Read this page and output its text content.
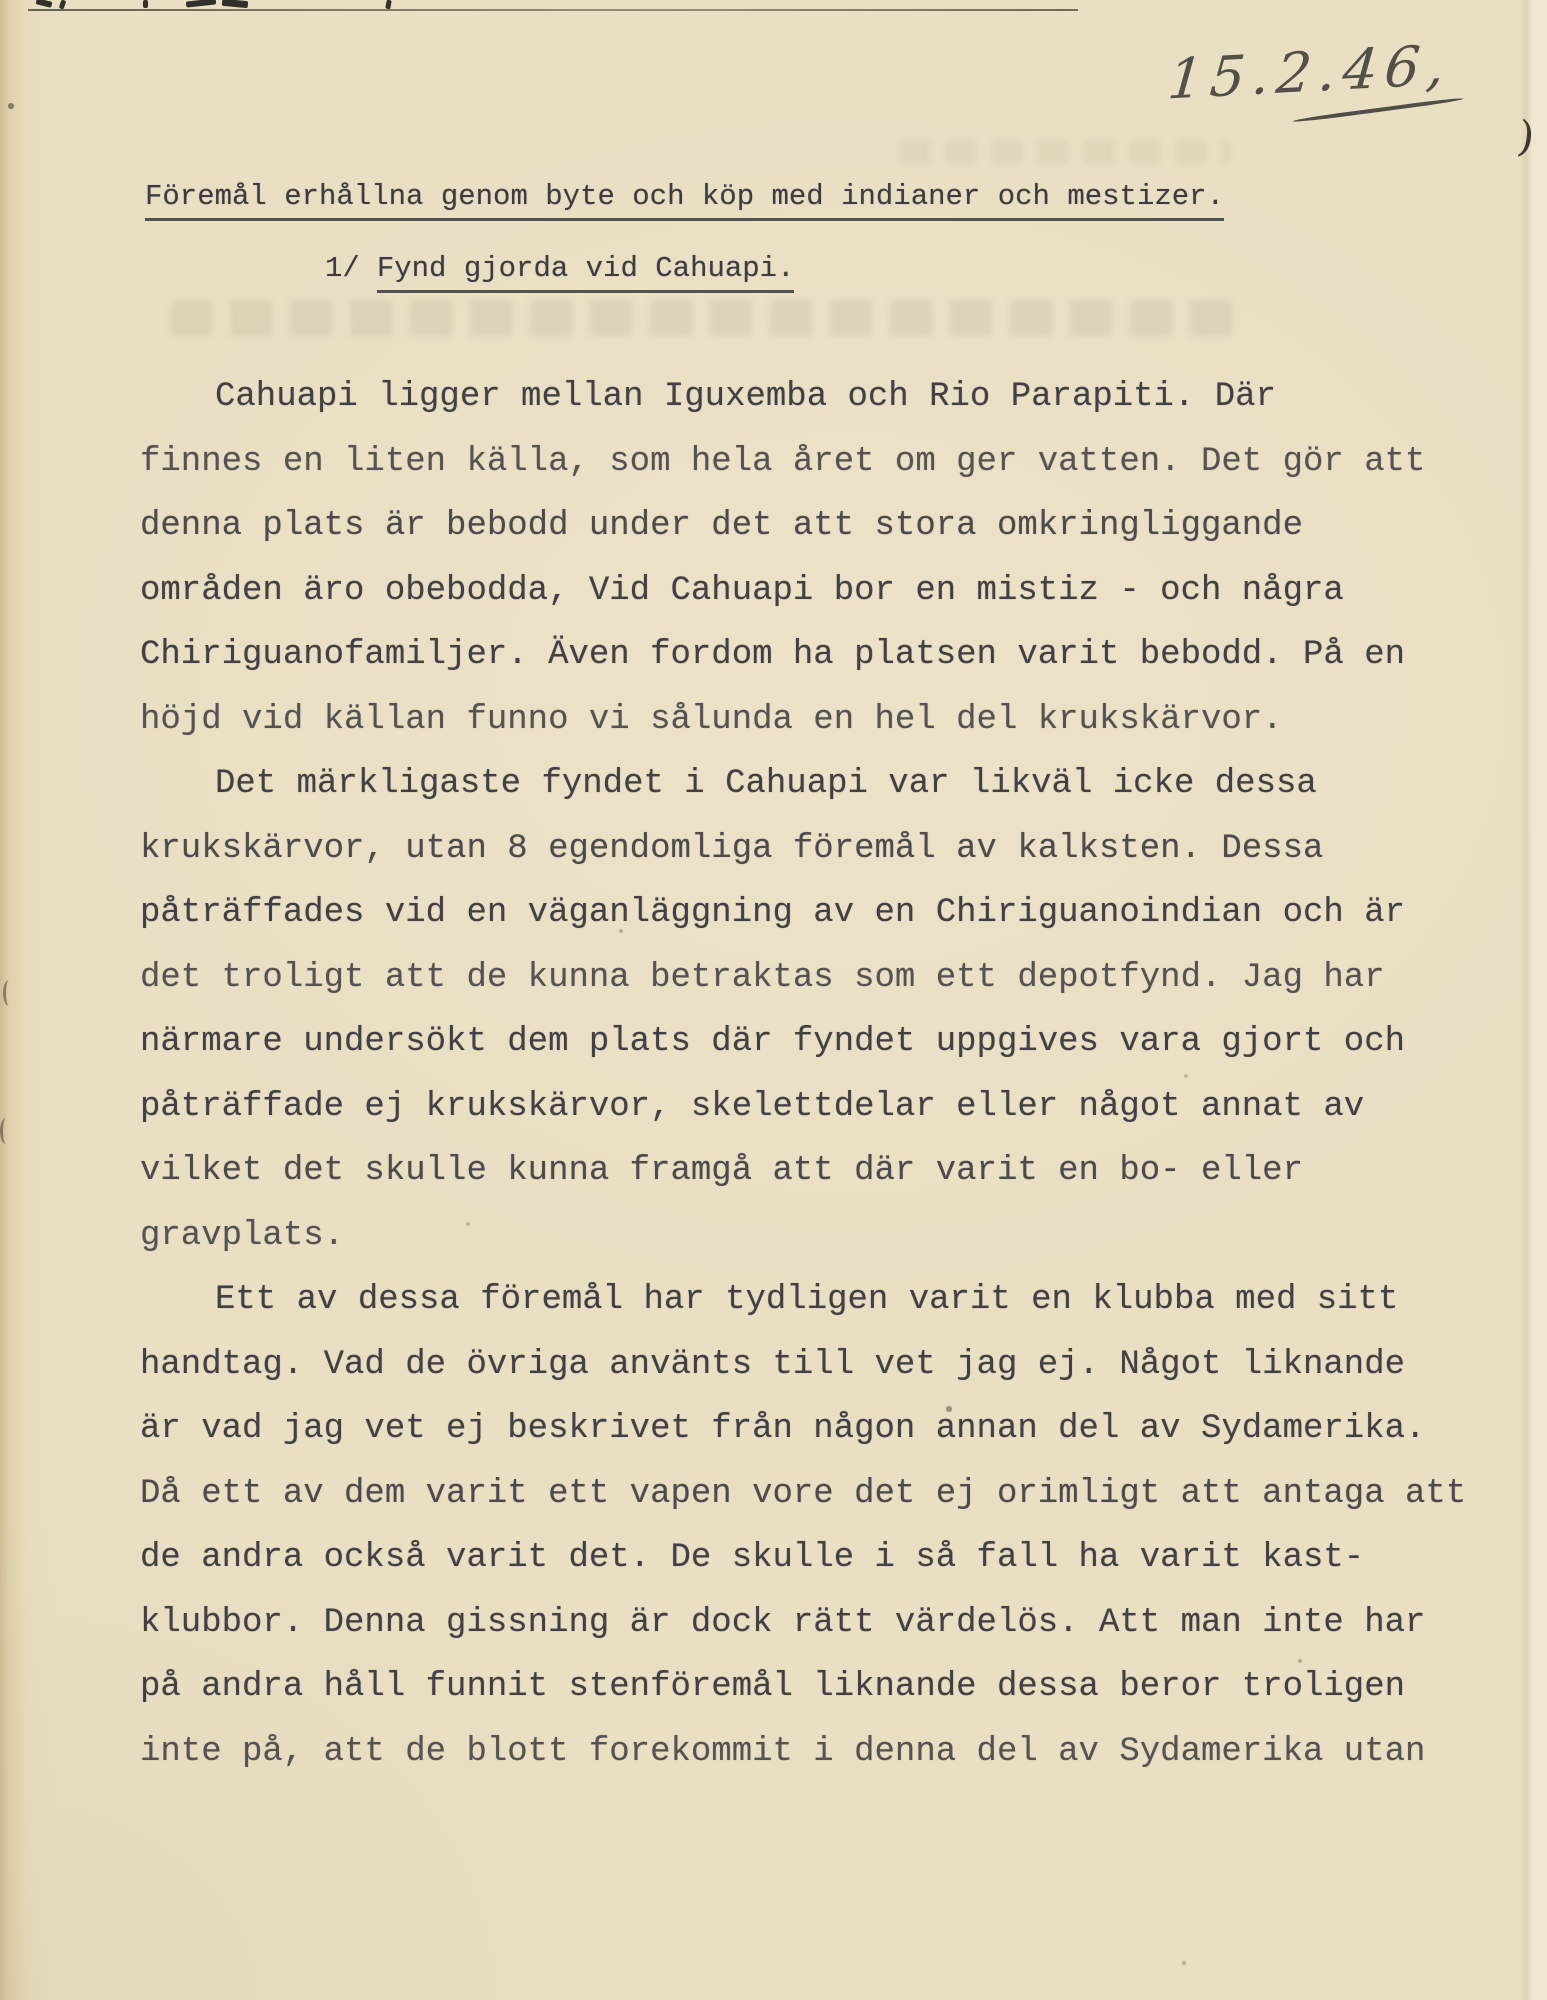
15.2.46,
)
Föremål erhållna genom byte och köp med indianer och mestizer.
1/ Fynd gjorda vid Cahuapi.
Cahuapi ligger mellan Iguxemba och Rio Parapiti. Där
finnes en liten källa, som hela året om ger vatten. Det gör att
denna plats är bebodd under det att stora omkringliggande
områden äro obebodda, Vid Cahuapi bor en mistiz - och några
Chiriguanofamiljer. Även fordom ha platsen varit bebodd. På en
höjd vid källan funno vi sålunda en hel del krukskärvor.
Det märkligaste fyndet i Cahuapi var likväl icke dessa
krukskärvor, utan 8 egendomliga föremål av kalksten. Dessa
påträffades vid en väganläggning av en Chiriguanoindian och är
det troligt att de kunna betraktas som ett depotfynd. Jag har
närmare undersökt dem plats där fyndet uppgives vara gjort och
påträffade ej krukskärvor, skelettdelar eller något annat av
vilket det skulle kunna framgå att där varit en bo- eller
gravplats.
Ett av dessa föremål har tydligen varit en klubba med sitt
handtag. Vad de övriga använts till vet jag ej. Något liknande
är vad jag vet ej beskrivet från någon annan del av Sydamerika.
Då ett av dem varit ett vapen vore det ej orimligt att antaga att
de andra också varit det. De skulle i så fall ha varit kast-
klubbor. Denna gissning är dock rätt värdelös. Att man inte har
på andra håll funnit stenföremål liknande dessa beror troligen
inte på, att de blott forekommit i denna del av Sydamerika utan
